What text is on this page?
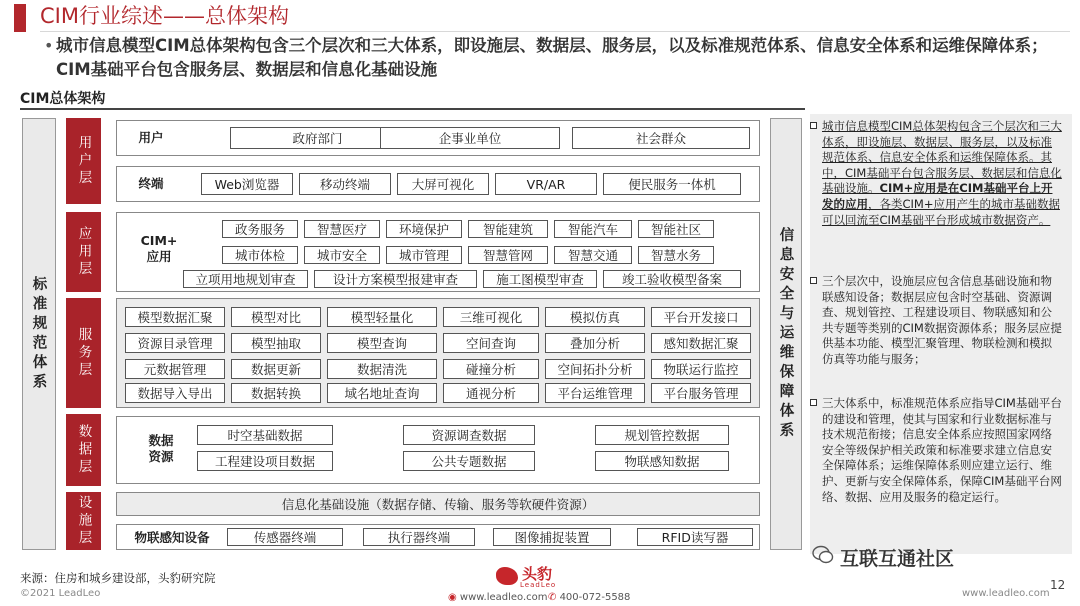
CIM行业综述——总体架构
• 城市信息模型CIM总体架构包含三个层次和三大体系，即设施层、数据层、服务层，以及标准规范体系、信息安全体系和运维保障体系；CIM基础平台包含服务层、数据层和信息化基础设施
CIM总体架构
标准规范体系	信息安全与运维保障体系
用户层
应用层
服务层
数据层
设施层
用户	政府部门	企事业单位	社会群众
终端	Web浏览器	移动终端	大屏可视化	VR/AR	便民服务一体机
CIM+
应用
政务服务	智慧医疗	环境保护	智能建筑	智能汽车	智能社区
城市体检	城市安全	城市管理	智慧管网	智慧交通	智慧水务
立项用地规划审查	设计方案模型报建审查	施工图模型审查	竣工验收模型备案
模型数据汇聚	模型对比	模型轻量化	三维可视化	模拟仿真	平台开发接口
资源目录管理	模型抽取	模型查询	空间查询	叠加分析	感知数据汇聚
元数据管理	数据更新	数据清洗	碰撞分析	空间拓扑分析	物联运行监控
数据导入导出	数据转换	域名地址查询	通视分析	平台运维管理	平台服务管理
数据
资源
时空基础数据	资源调查数据	规划管控数据
工程建设项目数据	公共专题数据	物联感知数据
信息化基础设施（数据存储、传输、服务等软硬件资源）
物联感知设备	传感器终端	执行器终端	图像捕捉装置	RFID读写器
城市信息模型CIM总体架构包含三个层次和三大体系，即设施层、数据层、服务层，以及标准规范体系、信息安全体系和运维保障体系。其中，CIM基础平台包含服务层、数据层和信息化基础设施。CIM+应用是在CIM基础平台上开发的应用，各类CIM+应用产生的城市基础数据可以回流至CIM基础平台形成城市数据资产。
三个层次中，设施层应包含信息基础设施和物联感知设备；数据层应包含时空基础、资源调查、规划管控、工程建设项目、物联感知和公共专题等类别的CIM数据资源体系；服务层应提供基本功能、模型汇聚管理、物联检测和模拟仿真等功能与服务；
三大体系中，标准规范体系应指导CIM基础平台的建设和管理，使其与国家和行业数据标准与技术规范衔接；信息安全体系应按照国家网络安全等级保护相关政策和标准要求建立信息安全保障体系；运维保障体系则应建立运行、维护、更新与安全保障体系，保障CIM基础平台网络、数据、应用及服务的稳定运行。
互联互通社区
来源：住房和城乡建设部，头豹研究院
©2021 LeadLeo
头豹
LeadLeo
◉ www.leadleo.com ✆ 400-072-5588	www.leadleo.com
12
